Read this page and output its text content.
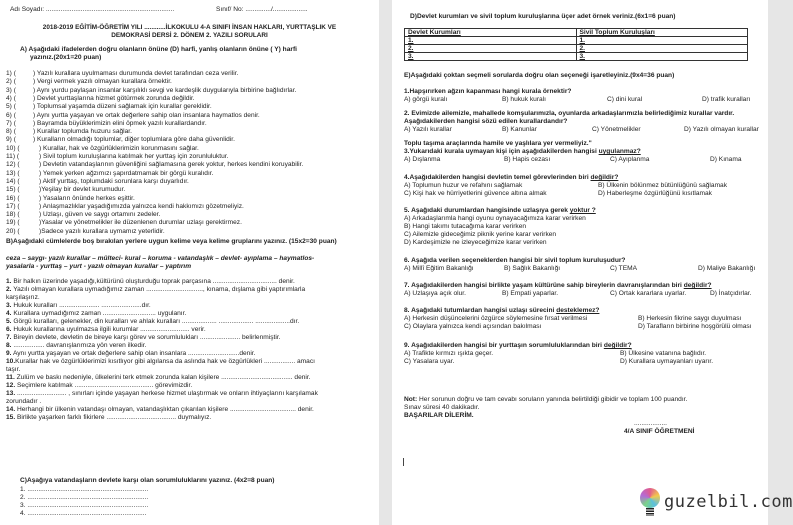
Adı Soyadı: ......................................................................	Sınıf/ No: ............../...................
2018-2019 EĞİTİM-ÖĞRETİM YILI ............İLKOKULU 4-A SINIFI İNSAN HAKLARI, YURTTAŞLIK VE
DEMOKRASİ DERSİ 2. DÖNEM 2. YAZILI SORULARI
A) Aşağıdaki ifadelerden doğru olanların önüne (D) harfi, yanlış olanların önüne ( Y) harfi
yazınız.(20x1=20 puan)
1) (	) Yazılı kurallara uyulmaması durumunda devlet tarafından ceza verilir.
2) (	) Vergi vermek yazılı olmayan kurallara örnektir.
3) (	) Aynı yurdu paylaşan insanlar karşılıklı sevgi ve kardeşlik duygularıyla birbirine bağlıdırlar.
4) (	) Devlet yurttaşlarına hizmet götürmek zorunda değildir.
5) (	) Toplumsal yaşamda düzeni sağlamak için kurallar gereklidir.
6) (	) Aynı yurtta yaşayan ve ortak değerlere sahip olan insanlara haymatlos denir.
7) (	) Bayramda büyüklerimizin elini öpmek yazılı kurallardandır.
8) (	) Kurallar toplumda huzuru sağlar.
9) (	) Kuralların olmadığı toplumlar, diğer toplumlara göre daha güvenlidir.
10) (	) Kurallar, hak ve özgürlüklerimizin korunmasını sağlar.
11) (	) Sivil toplum kuruluşlarına katılmak her yurttaş için zorunluluktur.
12) (	) Devletin vatandaşlarının güvenliğini sağlamasına gerek yoktur, herkes kendini koruyabilir.
13) (	) Yemek yerken ağzımızı şapırdatmamak bir görgü kuralıdır.
14) (	) Aktif yurttaş, toplumdaki sorunlara karşı duyarlıdır.
15) (	)Yeşilay bir devlet kurumudur.
16) (	) Yasaların önünde herkes eşittir.
17) (	) Anlaşmazlıklar yaşadığımızda yalnızca kendi hakkımızı gözetmeliyiz.
18) (	) Uzlaşı, güven ve saygı ortamını zedeler.
19) (	)Yasalar ve yönetmelikler ile düzenlenen durumlar uzlaşı gerektirmez.
20) (	)Sadece yazılı kurallara uymamız yeterlidir.
B)Aşağıdaki cümlelerde boş bırakılan yerlere uygun kelime veya kelime gruplarını yazınız. (15x2=30 puan)
ceza – saygı- yazılı kurallar – mülteci- kural – koruma - vatandaşlık – devlet- ayıplama – haymatlos-
yasalarla - yurttaş – yurt - yazılı olmayan kurallar – yaptırım
1. Bir halkın üzerinde yaşadığı,kültürünü oluşturduğu toprak parçasına ................................... denir.
2. Yazılı olmayan kurallara uymadığımız zaman ..............................., kınama, dışlama gibi yaptırımlarla
karşılaşırız.
3. Hukuk kuralları ...................... ......................dır.
4. Kurallara uymadığımız zaman ............................. uygulanır.
5. Görgü kuralları, gelenekler, din kuralları ve ahlak kuralları ................... ................... ...................dır.
6. Hukuk kurallarına uyulmazsa ilgili kurumlar ........................... verir.
7. Bireyin devlete, devletin de bireye karşı görev ve sorumlulukları ...................... belirlenmiştir.
8. ................. davranışlarımıza yön veren ilkedir.
9. Aynı yurtta yaşayan ve ortak değerlere sahip olan insanlara ............................denir.
10.Kurallar hak ve özgürlüklerimizi kısıtlıyor gibi algılansa da aslında hak ve özgürlükleri ................. amacı
taşır.
11. Zulüm ve baskı nedeniyle, ülkelerini terk etmek zorunda kalan kişilere ....................................... denir.
12. Seçimlere katılmak ........................................... görevimizdir.
13. ........................... , sınırları içinde yaşayan herkese hizmet ulaştırmak ve onların ihtiyaçlarını karşılamak
zorundadır .
14. Herhangi bir ülkenin vatandaşı olmayan, vatandaşlıktan çıkarılan kişilere .................................... denir.
15. Birlikte yaşarken farklı fikirlere ...................................... duymalıyız.
C)Aşağıya vatandaşların devlete karşı olan sorumluluklarını yazınız. (4x2=8 puan)
1. ..................................................................
2. ..................................................................
3. ..................................................................
4. .................................................................
D)Devlet kurumları ve sivil toplum kuruluşlarına üçer adet örnek veriniz.(6x1=6 puan)
Devlet Kurumları	Sivil Toplum Kuruluşları
1.	1.
2.	2.
3.	3.
E)Aşağıdaki çoktan seçmeli sorularda doğru olan seçeneği işaretleyiniz.(9x4=36 puan)
1.Hapşırırken ağzın kapanması hangi kurala örnektir?
A) görgü kuralı	B) hukuk kuralı	C) dini kural	D) trafik kuralları
2. Evimizde ailemizle, mahallede komşularımızla, oyunlarda arkadaşlarımızla belirlediğimiz kurallar vardır.
Aşağıdakilerden hangisi sözü edilen kurallardandır?
A) Yazılı kurallar	B) Kanunlar	C) Yönetmelikler	D) Yazılı olmayan kurallar
Toplu taşıma araçlarında hamile ve yaşlılara yer vermeliyiz."
3.Yukarıdaki kurala uymayan kişi için aşağıdakilerden hangisi uygulanmaz?
A) Dışlanma	B) Hapis cezası	C) Ayıplanma	D) Kınama
4.Aşağıdakilerden hangisi devletin temel görevlerinden biri değildir?
A) Toplumun huzur ve refahını sağlamak	B) Ülkenin bölünmez bütünlüğünü sağlamak
C) Kişi hak ve hürriyetlerini güvence altına almak	D) Haberleşme özgürlüğünü kısıtlamak
5. Aşağıdaki durumlardan hangisinde uzlaşıya gerek yoktur ?
A) Arkadaşlarımla hangi oyunu oynayacağımıza karar verirken
B) Hangi takımı tutacağıma karar verirken
C) Ailemizle gideceğimiz piknik yerine karar verirken
D) Kardeşimizle ne izleyeceğimize karar verirken
6. Aşağıda verilen seçeneklerden hangisi bir sivil toplum kuruluşudur?
A) Millî Eğitim Bakanlığı	B) Sağlık Bakanlığı	C) TEMA	D) Maliye Bakanlığı
7. Aşağıdakilerden hangisi birlikte yaşam kültürüne sahip bireylerin davranışlarından biri değildir?
A) Uzlaşıya açık olur.	B) Empati yaparlar.	C) Ortak kararlara uyarlar.	D) İnatçıdırlar.
8. Aşağıdaki tutumlardan hangisi uzlaşı sürecini desteklemez?
A) Herkesin düşüncelerini özgürce söylemesine fırsat verilmesi	B) Herkesin fikrine saygı duyulması
C) Olaylara yalnızca kendi açısından bakılması	D) Tarafların birbirine hoşgörülü olması
9. Aşağıdakilerden hangisi bir yurttaşın sorumluluklarından biri değildir?
A) Trafikte kırmızı ışıkta geçer.	B) Ülkesine vatanına bağlıdır.
C) Yasalara uyar.	D) Kurallara uymayanları uyarır.
Not: Her sorunun doğru ve tam cevabı soruların yanında belirtildiği gibidir ve toplam 100 puandır.
Sınav süresi 40 dakikadır.
BAŞARILAR DİLERİM.
..................
4/A SINIF ÖĞRETMENİ
guzelbil.com
